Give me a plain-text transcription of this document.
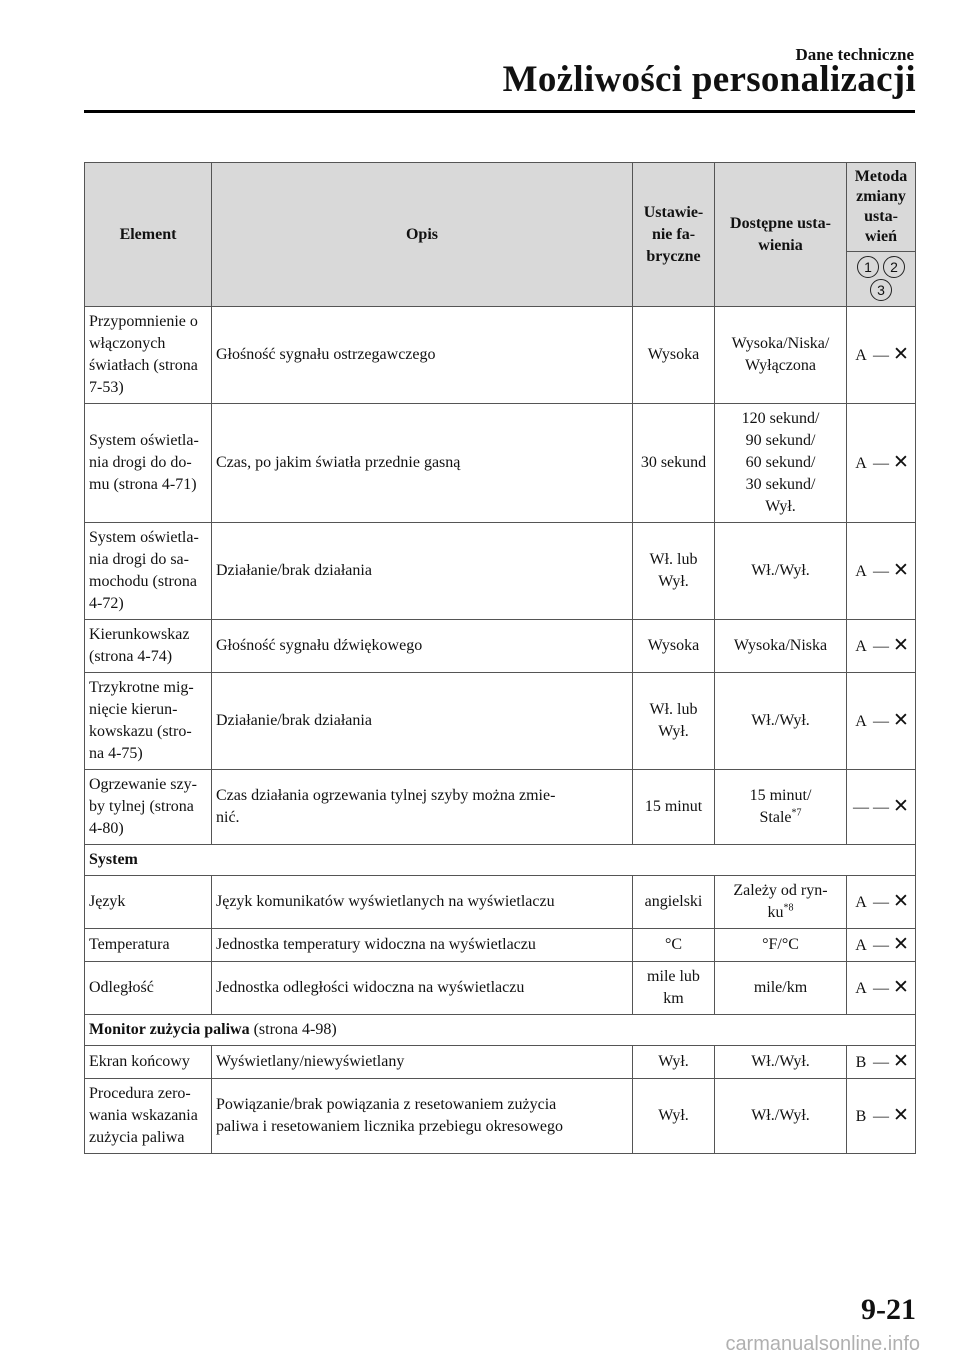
Dane techniczne
Możliwości personalizacji
Element	Opis	Ustawie-
nie fa-
bryczne	Dostępne usta-
wienia	Metoda
zmiany
usta-
wień
				1 23
Przypomnienie o
włączonych
światłach (strona
7-53)	Głośność sygnału ostrzegawczego	Wysoka	Wysoka/Niska/
Wyłączona	A — ✕
System oświetla-
nia drogi do do-
mu (strona 4-71)	Czas, po jakim światła przednie gasną	30 sekund	120 sekund/
90 sekund/
60 sekund/
30 sekund/
Wył.	A — ✕
System oświetla-
nia drogi do sa-
mochodu (strona
4-72)	Działanie/brak działania	Wł. lub
Wył.	Wł./Wył.	A — ✕
Kierunkowskaz
(strona 4-74)	Głośność sygnału dźwiękowego	Wysoka	Wysoka/Niska	A — ✕
Trzykrotne mig-
nięcie kierun-
kowskazu (stro-
na 4-75)	Działanie/brak działania	Wł. lub
Wył.	Wł./Wył.	A — ✕
Ogrzewanie szy-
by tylnej (strona
4-80)	Czas działania ogrzewania tylnej szyby można zmie-
nić.	15 minut	15 minut/
Stale$^{*7}$	— — ✕
System				
Język	Język komunikatów wyświetlanych na wyświetlaczu	angielski	Zależy od ryn-
$ku^{*8}$	A — ✕
Temperatura	Jednostka temperatury widoczna na wyświetlaczu	°C	°F/°C	A — ✕
Odległość	Jednostka odległości widoczna na wyświetlaczu	mile lub
km	mile/km	A — ✕
Monitor zużycia paliwa (strona 4-98)				
Ekran końcowy	Wyświetlany/niewyświetlany	Wył.	Wł./Wył.	B — ✕
Procedura zero-
wania wskazania
zużycia paliwa	Powiązanie/brak powiązania z resetowaniem zużycia
paliwa i resetowaniem licznika przebiegu okresowego	Wył.	Wł./Wył.	B — ✕
9-21
carmanualsonline.info
